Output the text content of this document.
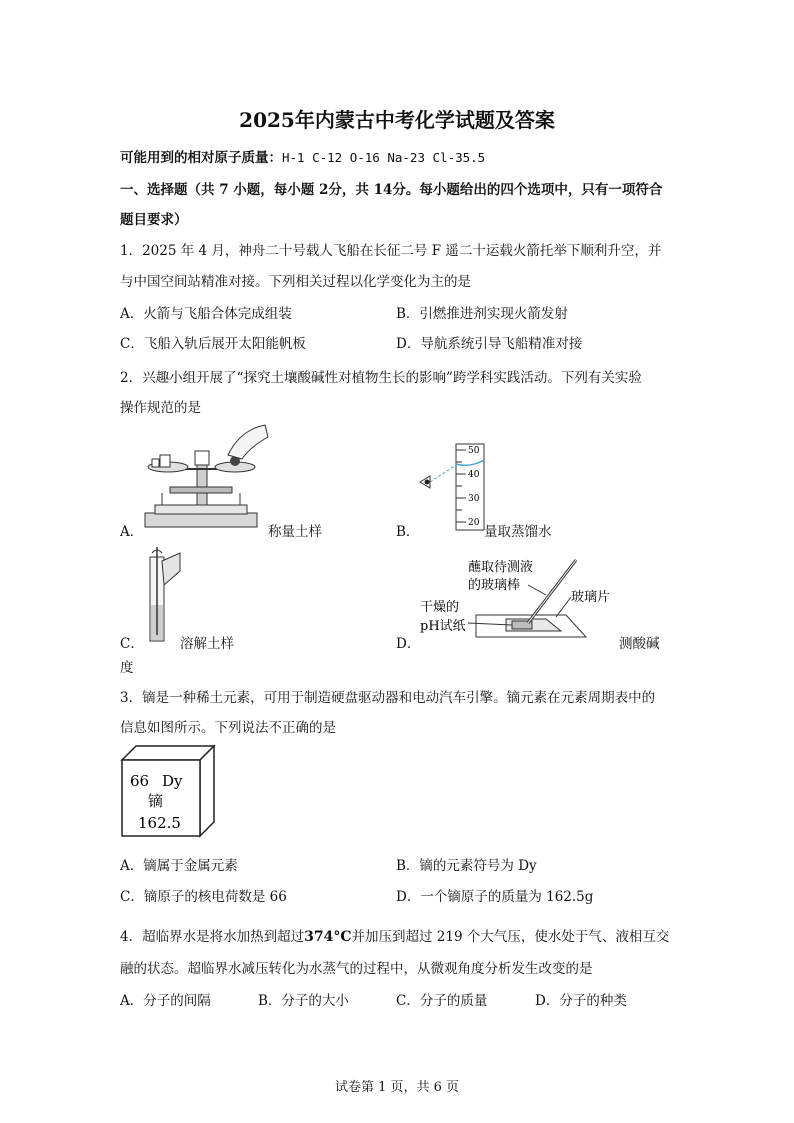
2025年内蒙古中考化学试题及答案
可能用到的相对原子质量：H-1 C-12 O-16 Na-23 Cl-35.5
一、选择题（共 7 小题，每小题 2分，共 14分。每小题给出的四个选项中，只有一项符合
题目要求）
1．2025 年 4 月，神舟二十号载人飞船在长征二号 F 遥二十运载火箭托举下顺利升空，并
与中国空间站精准对接。下列相关过程以化学变化为主的是
A．火箭与飞船合体完成组装	B．引燃推进剂实现火箭发射
C．飞船入轨后展开太阳能帆板	D．导航系统引导飞船精准对接
2．兴趣小组开展了“探究土壤酸碱性对植物生长的影响”跨学科实践活动。下列有关实验
操作规范的是
A．	称量土样
50
40
30
20
B．	量取蒸馏水
C．	溶解土样
蘸取待测液
的玻璃棒
玻璃片
干燥的
pH试纸
D．	测酸碱
度
3．镝是一种稀土元素，可用于制造硬盘驱动器和电动汽车引擎。镝元素在元素周期表中的
信息如图所示。下列说法不正确的是
66 Dy
镝
162.5
A．镝属于金属元素	B．镝的元素符号为 Dy
C．镝原子的核电荷数是 66	D．一个镝原子的质量为 162.5g
4．超临界水是将水加热到超过374°C并加压到超过 219 个大气压，使水处于气、液相互交
融的状态。超临界水减压转化为水蒸气的过程中，从微观角度分析发生改变的是
A．分子的间隔	B．分子的大小	C．分子的质量	D．分子的种类
试卷第 1 页，共 6 页
